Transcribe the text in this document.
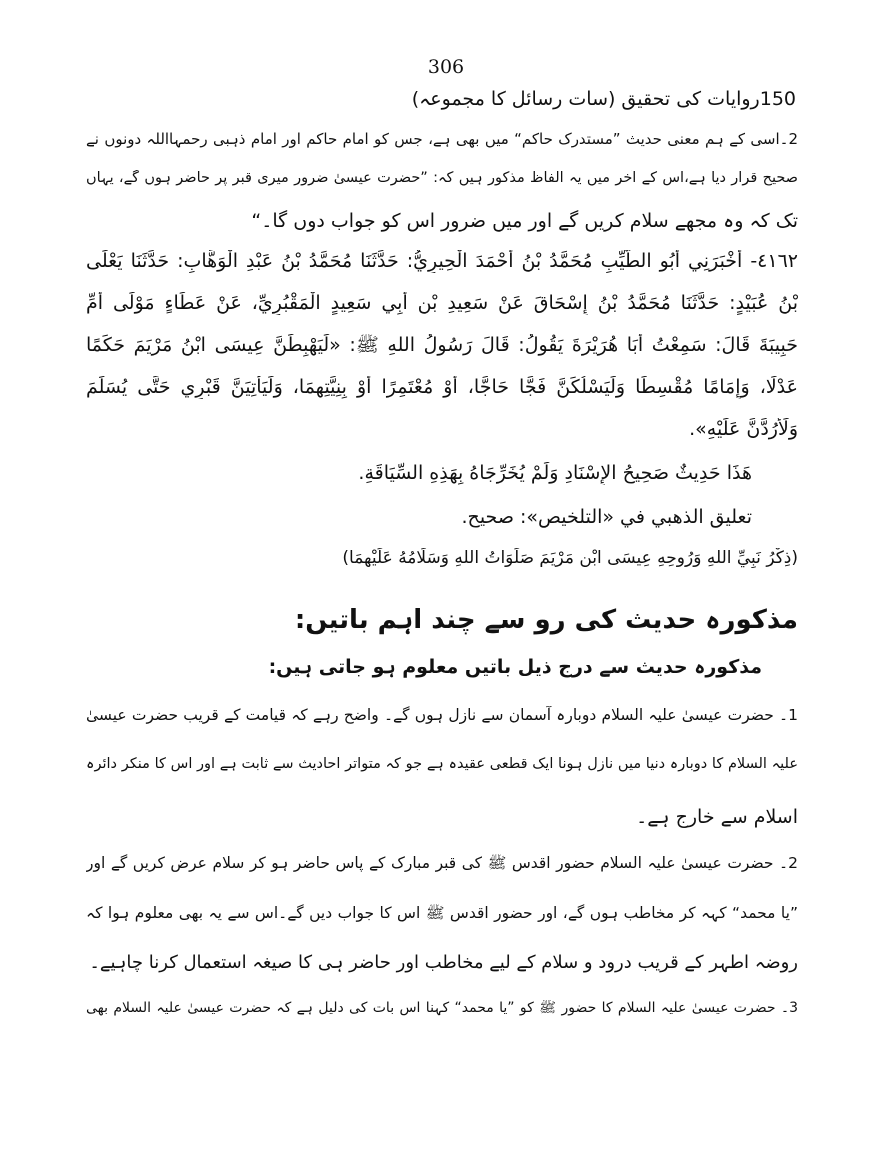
306
150روایات کی تحقیق (سات رسائل کا مجموعہ)
2۔اسی کے ہم معنی حدیث ”مستدرک حاکم“ میں بھی ہے، جس کو امام حاکم اور امام ذہبی رحمہااللہ دونوں نے
صحیح قرار دیا ہے،اس کے آخر میں یہ الفاظ مذکور ہیں کہ: ”حضرت عیسیٰ ضرور میری قبر پر حاضر ہوں گے، یہاں
تک کہ وہ مجھے سلام کریں گے اور میں ضرور اس کو جواب دوں گا۔“
٤١٦٢- أَخْبَرَنِي أَبُو الطَّيِّبِ مُحَمَّدُ بْنُ أَحْمَدَ الْحِيرِيُّ: حَدَّثَنَا مُحَمَّدُ بْنُ عَبْدِ الْوَهَّابِ: حَدَّثَنَا يَعْلَى
بْنُ عُبَيْدٍ: حَدَّثَنَا مُحَمَّدُ بْنُ إِسْحَاقَ عَنْ سَعِيدِ بْنِ أَبِي سَعِيدٍ الْمَقْبُرِيِّ، عَنْ عَطَاءٍ مَوْلَى أُمِّ
حَبِيبَةَ قَالَ: سَمِعْتُ أَبَا هُرَيْرَةَ يَقُولُ: قَالَ رَسُولُ اللهِ ﷺ: «لَيَهْبِطَنَّ عِيسَى ابْنُ مَرْيَمَ حَكَمًا
عَدْلًا، وَإِمَامًا مُقْسِطًا وَلَيَسْلُكَنَّ فَجًّا حَاجًّا، أَوْ مُعْتَمِرًا أَوْ بِنِيَّتِهِمَا، وَلَيَأْتِيَنَّ قَبْرِي حَتَّى يُسَلِّمَ
وَلَأَرُدَّنَّ عَلَيْهِ».
هَذَا حَدِيثٌ صَحِيحُ الإِسْنَادِ وَلَمْ يُخَرِّجَاهُ بِهَذِهِ السِّيَاقَةِ.
تعليق الذهبي في «التلخيص»: صحيح.
(ذِكْرُ نَبِيِّ اللهِ وَرُوحِهِ عِيسَى ابْنِ مَرْيَمَ صَلَوَاتُ اللهِ وَسَلَامُهُ عَلَيْهِمَا)
مذکورہ حدیث کی رو سے چند اہم باتیں:
مذکورہ حدیث سے درج ذیل باتیں معلوم ہو جاتی ہیں:
1۔ حضرت عیسیٰ علیہ السلام دوبارہ آسمان سے نازل ہوں گے۔ واضح رہے کہ قیامت کے قریب حضرت عیسیٰ
علیہ السلام کا دوبارہ دنیا میں نازل ہونا ایک قطعی عقیدہ ہے جو کہ متواتر احادیث سے ثابت ہے اور اس کا منکر دائرہ
اسلام سے خارج ہے۔
2۔ حضرت عیسیٰ علیہ السلام حضور اقدس ﷺ کی قبر مبارک کے پاس حاضر ہو کر سلام عرض کریں گے اور
”یا محمد“ کہہ کر مخاطب ہوں گے، اور حضور اقدس ﷺ اس کا جواب دیں گے۔اس سے یہ بھی معلوم ہوا کہ
روضہ اطہر کے قریب درود و سلام کے لیے مخاطب اور حاضر ہی کا صیغہ استعمال کرنا چاہیے۔
3۔ حضرت عیسیٰ علیہ السلام کا حضور ﷺ کو ”یا محمد“ کہنا اس بات کی دلیل ہے کہ حضرت عیسیٰ علیہ السلام بھی
